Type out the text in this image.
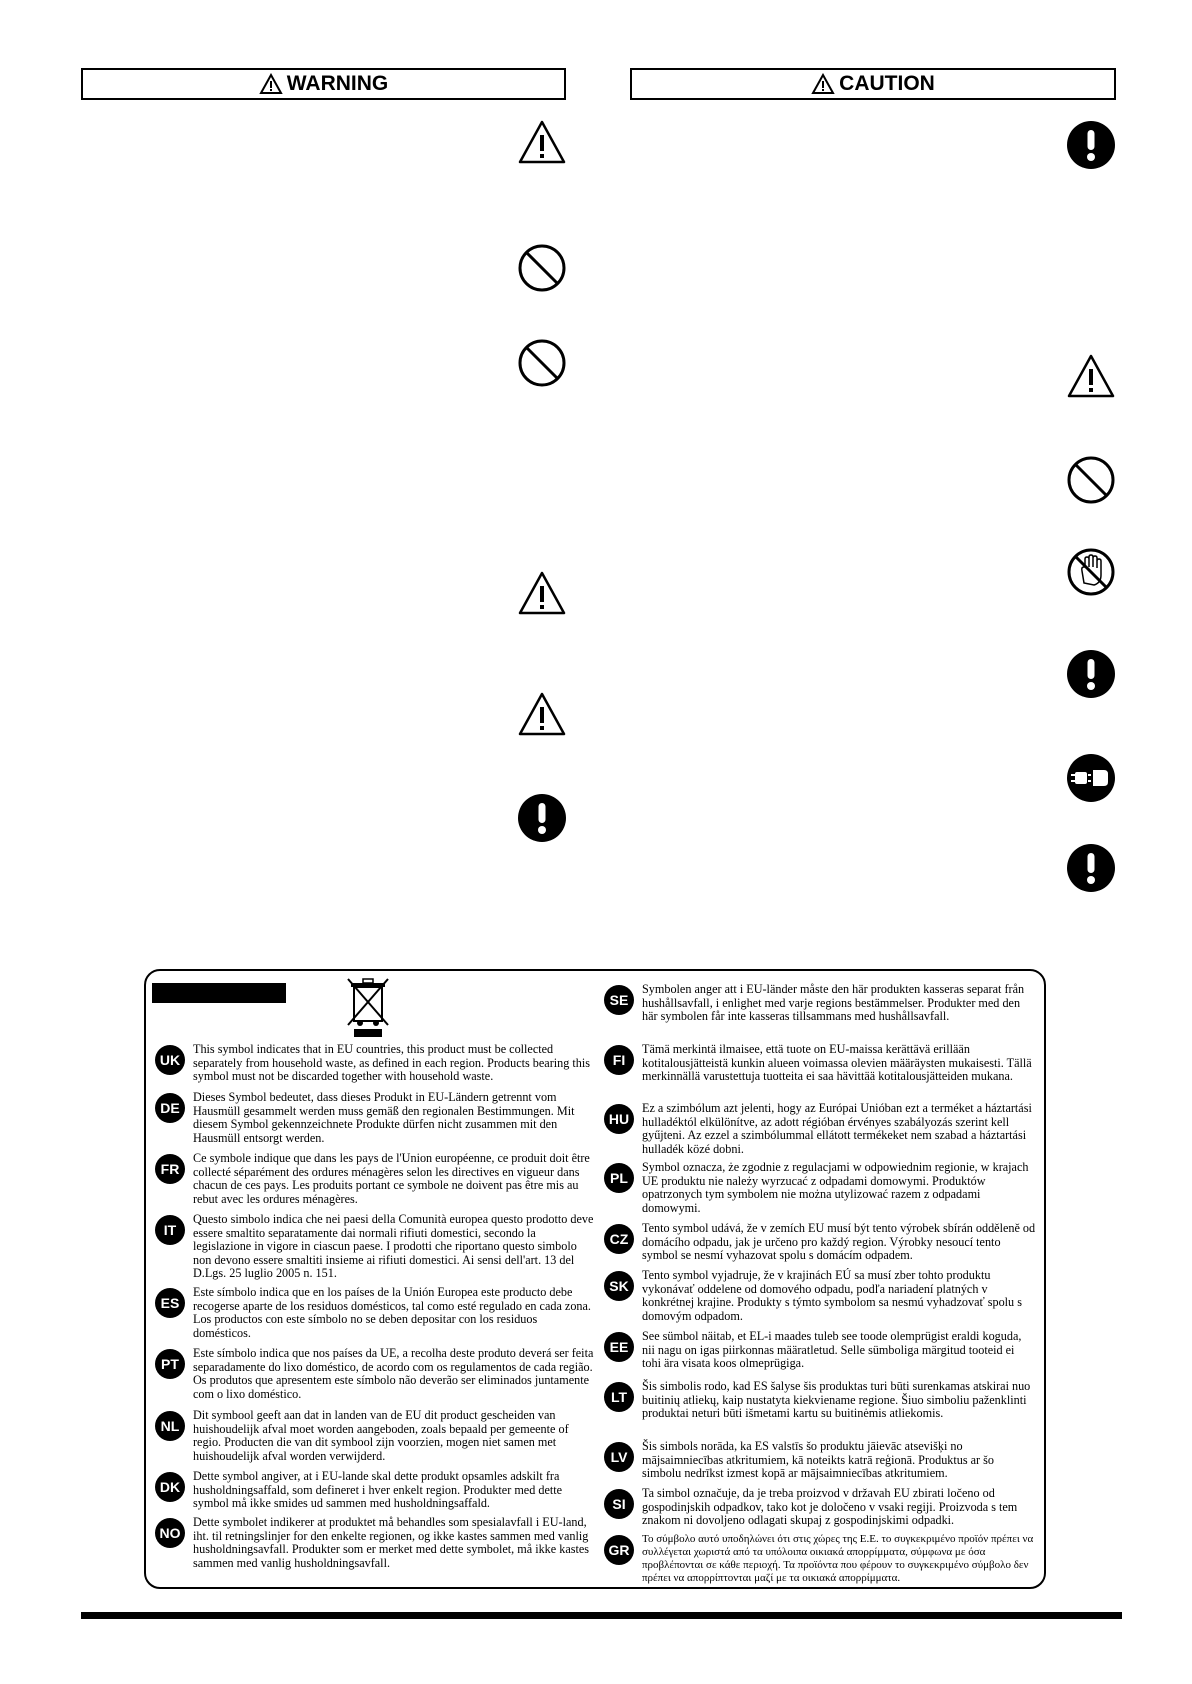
WARNING	CAUTION
UK
This symbol indicates that in EU countries, this product must be collected separately from household waste, as defined in each region. Products bearing this symbol must not be discarded together with household waste.
DE
Dieses Symbol bedeutet, dass dieses Produkt in EU-Ländern getrennt vom Hausmüll gesammelt werden muss gemäß den regionalen Bestimmungen. Mit diesem Symbol gekennzeichnete Produkte dürfen nicht zusammen mit den Hausmüll entsorgt werden.
FR
Ce symbole indique que dans les pays de l'Union européenne, ce produit doit être collecté séparément des ordures ménagères selon les directives en vigueur dans chacun de ces pays. Les produits portant ce symbole ne doivent pas être mis au rebut avec les ordures ménagères.
IT
Questo simbolo indica che nei paesi della Comunità europea questo prodotto deve essere smaltito separatamente dai normali rifiuti domestici, secondo la legislazione in vigore in ciascun paese. I prodotti che riportano questo simbolo non devono essere smaltiti insieme ai rifiuti domestici. Ai sensi dell'art. 13 del D.Lgs. 25 luglio 2005 n. 151.
ES
Este símbolo indica que en los países de la Unión Europea este producto debe recogerse aparte de los residuos domésticos, tal como esté regulado en cada zona. Los productos con este símbolo no se deben depositar con los residuos domésticos.
PT
Este símbolo indica que nos países da UE, a recolha deste produto deverá ser feita separadamente do lixo doméstico, de acordo com os regulamentos de cada região. Os produtos que apresentem este símbolo não deverão ser eliminados juntamente com o lixo doméstico.
NL
Dit symbool geeft aan dat in landen van de EU dit product gescheiden van huishoudelijk afval moet worden aangeboden, zoals bepaald per gemeente of regio. Producten die van dit symbool zijn voorzien, mogen niet samen met huishoudelijk afval worden verwijderd.
DK
Dette symbol angiver, at i EU-lande skal dette produkt opsamles adskilt fra husholdningsaffald, som defineret i hver enkelt region. Produkter med dette symbol må ikke smides ud sammen med husholdningsaffald.
NO
Dette symbolet indikerer at produktet må behandles som spesialavfall i EU-land, iht. til retningslinjer for den enkelte regionen, og ikke kastes sammen med vanlig husholdningsavfall. Produkter som er merket med dette symbolet, må ikke kastes sammen med vanlig husholdningsavfall.
SE
Symbolen anger att i EU-länder måste den här produkten kasseras separat från hushållsavfall, i enlighet med varje regions bestämmelser. Produkter med den här symbolen får inte kasseras tillsammans med hushållsavfall.
FI
Tämä merkintä ilmaisee, että tuote on EU-maissa kerättävä erillään kotitalousjätteistä kunkin alueen voimassa olevien määräysten mukaisesti. Tällä merkinnällä varustettuja tuotteita ei saa hävittää kotitalousjätteiden mukana.
HU
Ez a szimbólum azt jelenti, hogy az Európai Unióban ezt a terméket a háztartási hulladéktól elkülönítve, az adott régióban érvényes szabályozás szerint kell gyűjteni. Az ezzel a szimbólummal ellátott termékeket nem szabad a háztartási hulladék közé dobni.
PL
Symbol oznacza, że zgodnie z regulacjami w odpowiednim regionie, w krajach UE produktu nie należy wyrzucać z odpadami domowymi. Produktów opatrzonych tym symbolem nie można utylizować razem z odpadami domowymi.
CZ
Tento symbol udává, že v zemích EU musí být tento výrobek sbírán odděleně od domácího odpadu, jak je určeno pro každý region. Výrobky nesoucí tento symbol se nesmí vyhazovat spolu s domácím odpadem.
SK
Tento symbol vyjadruje, že v krajinách EÚ sa musí zber tohto produktu vykonávať oddelene od domového odpadu, podľa nariadení platných v konkrétnej krajine. Produkty s týmto symbolom sa nesmú vyhadzovať spolu s domovým odpadom.
EE
See sümbol näitab, et EL-i maades tuleb see toode olemprügist eraldi koguda, nii nagu on igas piirkonnas määratletud. Selle sümboliga märgitud tooteid ei tohi ära visata koos olmeprügiga.
LT
Šis simbolis rodo, kad ES šalyse šis produktas turi būti surenkamas atskirai nuo buitinių atliekų, kaip nustatyta kiekviename regione. Šiuo simboliu paženklinti produktai neturi būti išmetami kartu su buitinėmis atliekomis.
LV
Šis simbols norāda, ka ES valstīs šo produktu jāievāc atsevišķi no mājsaimniecības atkritumiem, kā noteikts katrā reģionā. Produktus ar šo simbolu nedrīkst izmest kopā ar mājsaimniecības atkritumiem.
SI
Ta simbol označuje, da je treba proizvod v državah EU zbirati ločeno od gospodinjskih odpadkov, tako kot je določeno v vsaki regiji. Proizvoda s tem znakom ni dovoljeno odlagati skupaj z gospodinjskimi odpadki.
GR
Το σύμβολο αυτό υποδηλώνει ότι στις χώρες της Ε.Ε. το συγκεκριμένο προϊόν πρέπει να συλλέγεται χωριστά από τα υπόλοιπα οικιακά απορρίμματα, σύμφωνα με όσα προβλέπονται σε κάθε περιοχή. Τα προϊόντα που φέρουν το συγκεκριμένο σύμβολο δεν πρέπει να απορρίπτονται μαζί με τα οικιακά απορρίμματα.
